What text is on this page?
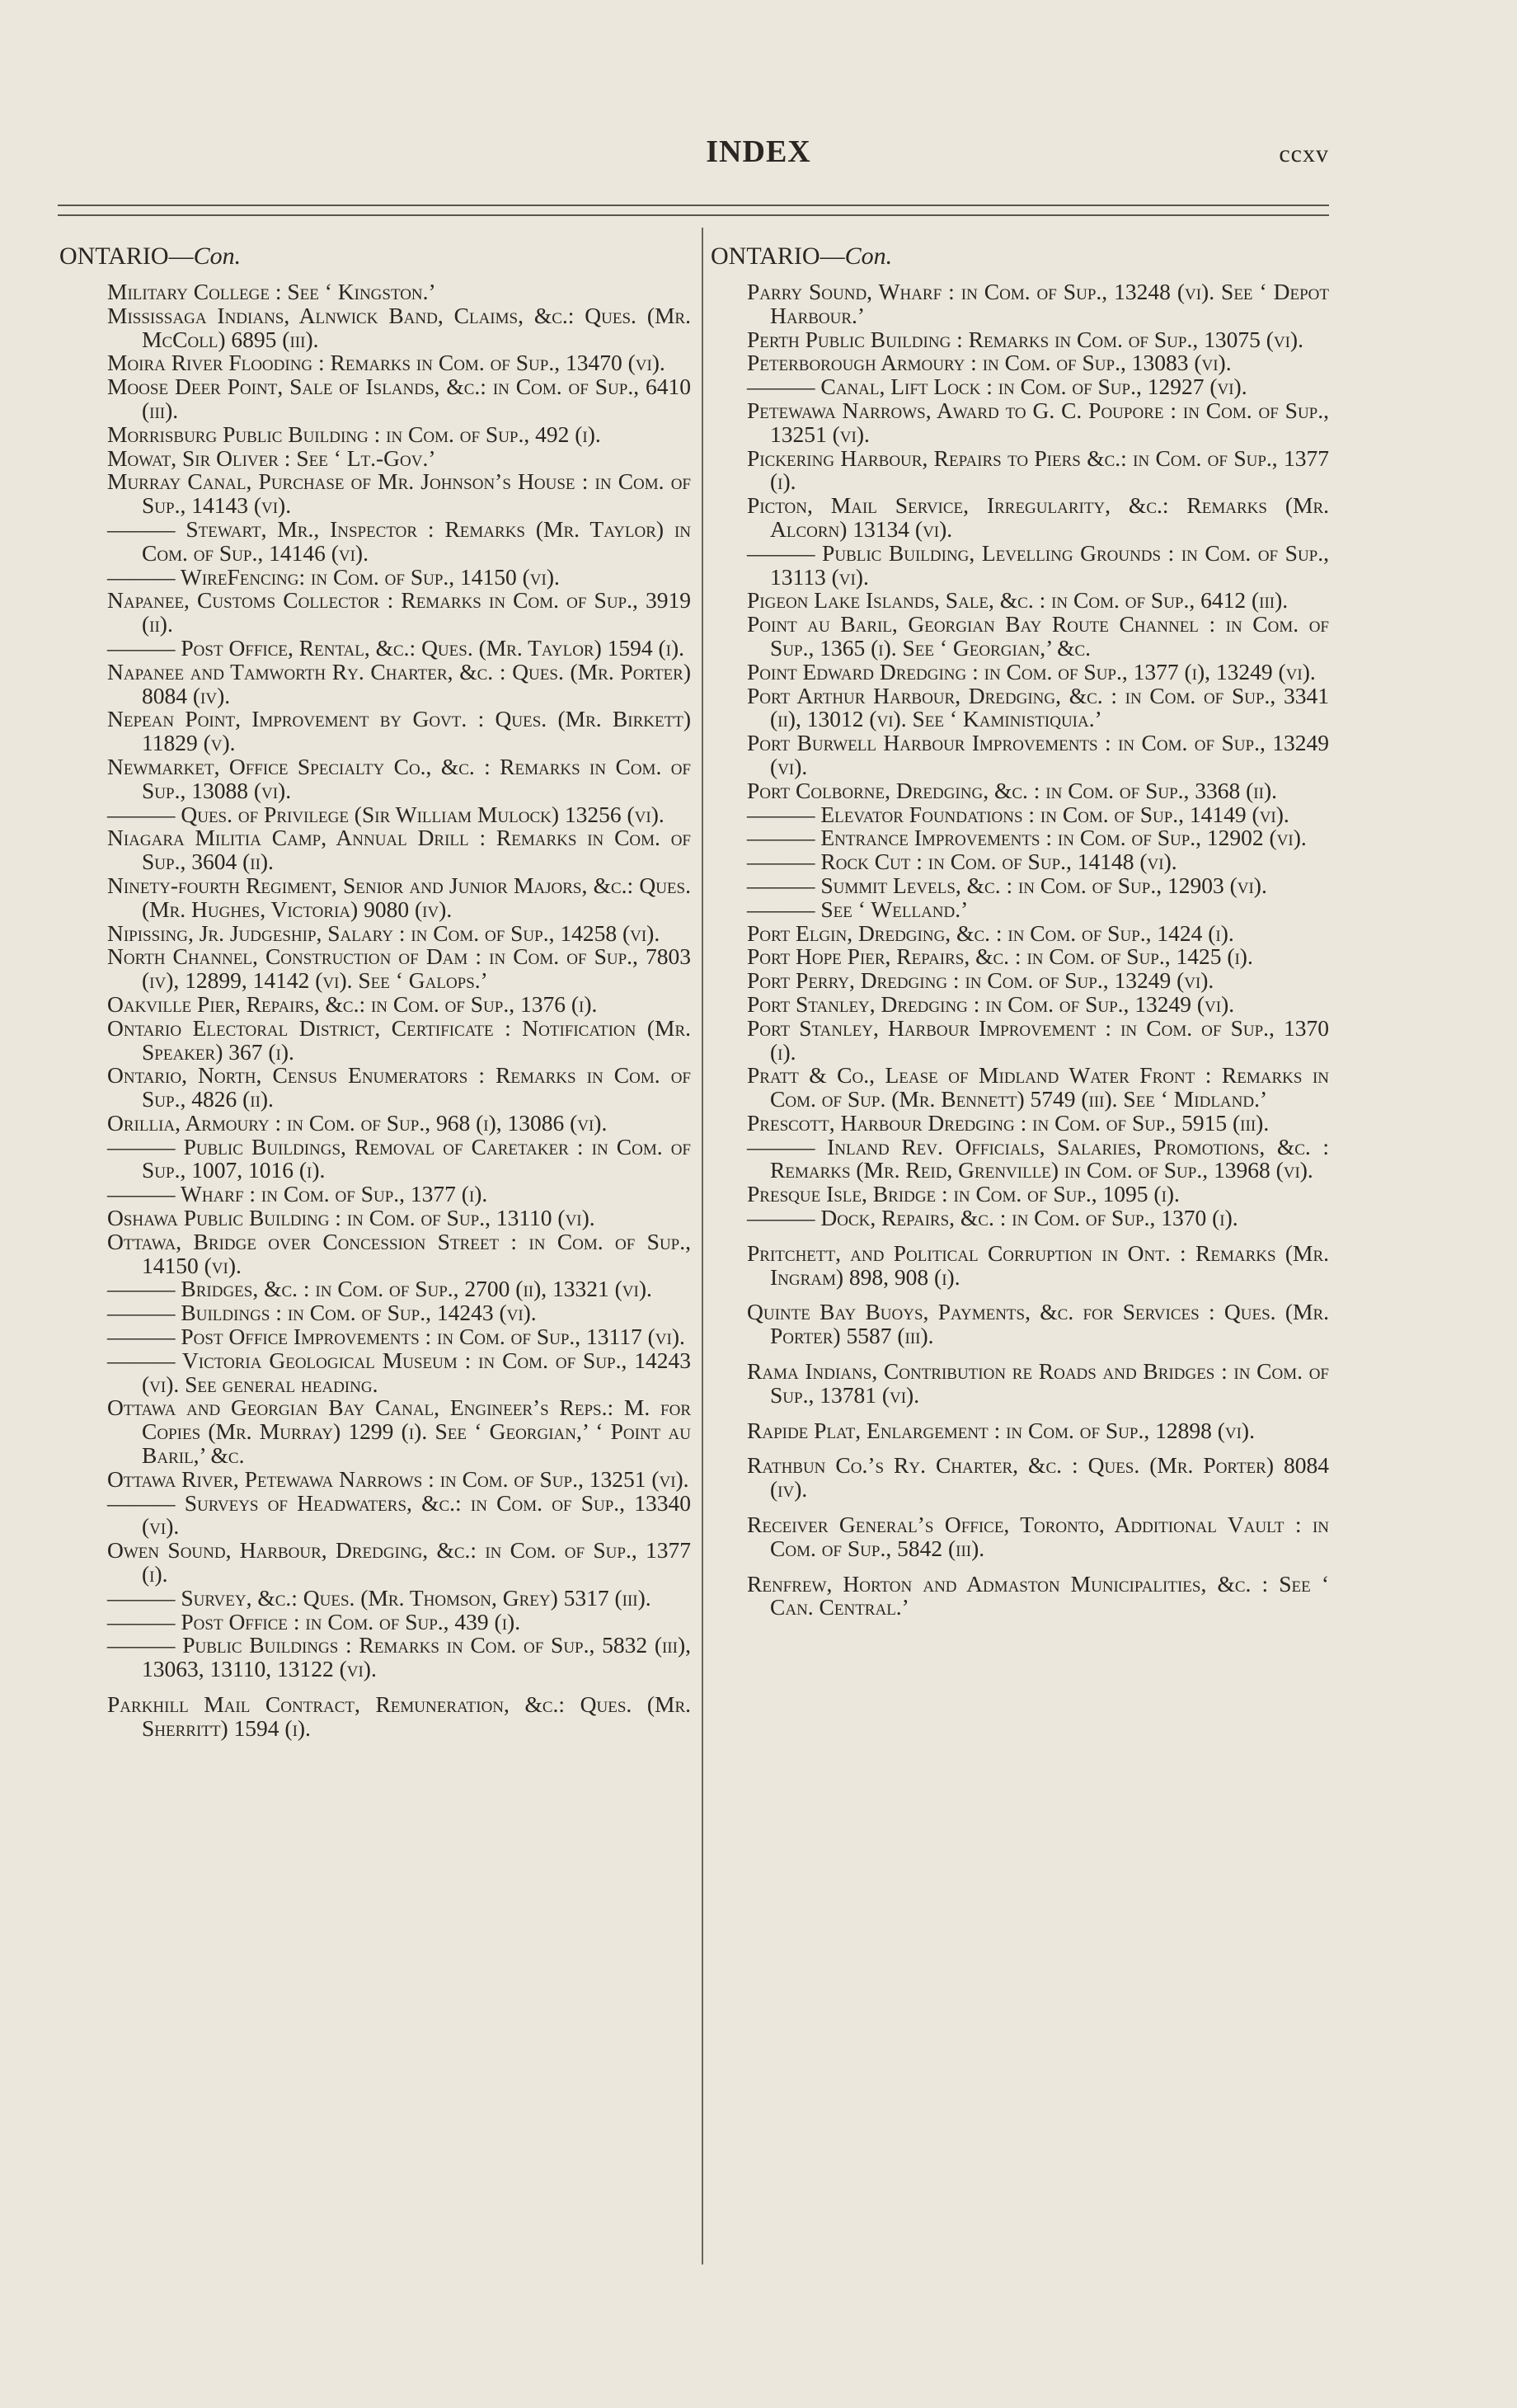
INDEX	ccxv
ONTARIO—Con.
Military College : See ‘ Kingston.’
Mississaga Indians, Alnwick Band, Claims, &c.: Ques. (Mr. McColl) 6895 (iii).
Moira River Flooding : Remarks in Com. of Sup., 13470 (vi).
Moose Deer Point, Sale of Islands, &c.: in Com. of Sup., 6410 (iii).
Morrisburg Public Building : in Com. of Sup., 492 (i).
Mowat, Sir Oliver : See ‘ Lt.-Gov.’
Murray Canal, Purchase of Mr. Johnson’s House : in Com. of Sup., 14143 (vi).
——— Stewart, Mr., Inspector : Remarks (Mr. Taylor) in Com. of Sup., 14146 (vi).
——— WireFencing: in Com. of Sup., 14150 (vi).
Napanee, Customs Collector : Remarks in Com. of Sup., 3919 (ii).
——— Post Office, Rental, &c.: Ques. (Mr. Taylor) 1594 (i).
Napanee and Tamworth Ry. Charter, &c. : Ques. (Mr. Porter) 8084 (iv).
Nepean Point, Improvement by Govt. : Ques. (Mr. Birkett) 11829 (v).
Newmarket, Office Specialty Co., &c. : Remarks in Com. of Sup., 13088 (vi).
——— Ques. of Privilege (Sir William Mulock) 13256 (vi).
Niagara Militia Camp, Annual Drill : Remarks in Com. of Sup., 3604 (ii).
Ninety-fourth Regiment, Senior and Junior Majors, &c.: Ques. (Mr. Hughes, Victoria) 9080 (iv).
Nipissing, Jr. Judgeship, Salary : in Com. of Sup., 14258 (vi).
North Channel, Construction of Dam : in Com. of Sup., 7803 (iv), 12899, 14142 (vi). See ‘ Galops.’
Oakville Pier, Repairs, &c.: in Com. of Sup., 1376 (i).
Ontario Electoral District, Certificate : Notification (Mr. Speaker) 367 (i).
Ontario, North, Census Enumerators : Remarks in Com. of Sup., 4826 (ii).
Orillia, Armoury : in Com. of Sup., 968 (i), 13086 (vi).
——— Public Buildings, Removal of Caretaker : in Com. of Sup., 1007, 1016 (i).
——— Wharf : in Com. of Sup., 1377 (i).
Oshawa Public Building : in Com. of Sup., 13110 (vi).
Ottawa, Bridge over Concession Street : in Com. of Sup., 14150 (vi).
——— Bridges, &c. : in Com. of Sup., 2700 (ii), 13321 (vi).
——— Buildings : in Com. of Sup., 14243 (vi).
——— Post Office Improvements : in Com. of Sup., 13117 (vi).
——— Victoria Geological Museum : in Com. of Sup., 14243 (vi). See general heading.
Ottawa and Georgian Bay Canal, Engineer’s Reps.: M. for Copies (Mr. Murray) 1299 (i). See ‘ Georgian,’ ‘ Point au Baril,’ &c.
Ottawa River, Petewawa Narrows : in Com. of Sup., 13251 (vi).
——— Surveys of Headwaters, &c.: in Com. of Sup., 13340 (vi).
Owen Sound, Harbour, Dredging, &c.: in Com. of Sup., 1377 (i).
——— Survey, &c.: Ques. (Mr. Thomson, Grey) 5317 (iii).
——— Post Office : in Com. of Sup., 439 (i).
——— Public Buildings : Remarks in Com. of Sup., 5832 (iii), 13063, 13110, 13122 (vi).
Parkhill Mail Contract, Remuneration, &c.: Ques. (Mr. Sherritt) 1594 (i).
ONTARIO—Con.
Parry Sound, Wharf : in Com. of Sup., 13248 (vi). See ‘ Depot Harbour.’
Perth Public Building : Remarks in Com. of Sup., 13075 (vi).
Peterborough Armoury : in Com. of Sup., 13083 (vi).
——— Canal, Lift Lock : in Com. of Sup., 12927 (vi).
Petewawa Narrows, Award to G. C. Poupore : in Com. of Sup., 13251 (vi).
Pickering Harbour, Repairs to Piers &c.: in Com. of Sup., 1377 (i).
Picton, Mail Service, Irregularity, &c.: Remarks (Mr. Alcorn) 13134 (vi).
——— Public Building, Levelling Grounds : in Com. of Sup., 13113 (vi).
Pigeon Lake Islands, Sale, &c. : in Com. of Sup., 6412 (iii).
Point au Baril, Georgian Bay Route Channel : in Com. of Sup., 1365 (i). See ‘ Georgian,’ &c.
Point Edward Dredging : in Com. of Sup., 1377 (i), 13249 (vi).
Port Arthur Harbour, Dredging, &c. : in Com. of Sup., 3341 (ii), 13012 (vi). See ‘ Kaministiquia.’
Port Burwell Harbour Improvements : in Com. of Sup., 13249 (vi).
Port Colborne, Dredging, &c. : in Com. of Sup., 3368 (ii).
——— Elevator Foundations : in Com. of Sup., 14149 (vi).
——— Entrance Improvements : in Com. of Sup., 12902 (vi).
——— Rock Cut : in Com. of Sup., 14148 (vi).
——— Summit Levels, &c. : in Com. of Sup., 12903 (vi).
——— See ‘ Welland.’
Port Elgin, Dredging, &c. : in Com. of Sup., 1424 (i).
Port Hope Pier, Repairs, &c. : in Com. of Sup., 1425 (i).
Port Perry, Dredging : in Com. of Sup., 13249 (vi).
Port Stanley, Dredging : in Com. of Sup., 13249 (vi).
Port Stanley, Harbour Improvement : in Com. of Sup., 1370 (i).
Pratt & Co., Lease of Midland Water Front : Remarks in Com. of Sup. (Mr. Bennett) 5749 (iii). See ‘ Midland.’
Prescott, Harbour Dredging : in Com. of Sup., 5915 (iii).
——— Inland Rev. Officials, Salaries, Promotions, &c. : Remarks (Mr. Reid, Grenville) in Com. of Sup., 13968 (vi).
Presque Isle, Bridge : in Com. of Sup., 1095 (i).
——— Dock, Repairs, &c. : in Com. of Sup., 1370 (i).
Pritchett, and Political Corruption in Ont. : Remarks (Mr. Ingram) 898, 908 (i).
Quinte Bay Buoys, Payments, &c. for Services : Ques. (Mr. Porter) 5587 (iii).
Rama Indians, Contribution re Roads and Bridges : in Com. of Sup., 13781 (vi).
Rapide Plat, Enlargement : in Com. of Sup., 12898 (vi).
Rathbun Co.’s Ry. Charter, &c. : Ques. (Mr. Porter) 8084 (iv).
Receiver General’s Office, Toronto, Additional Vault : in Com. of Sup., 5842 (iii).
Renfrew, Horton and Admaston Municipalities, &c. : See ‘ Can. Central.’
